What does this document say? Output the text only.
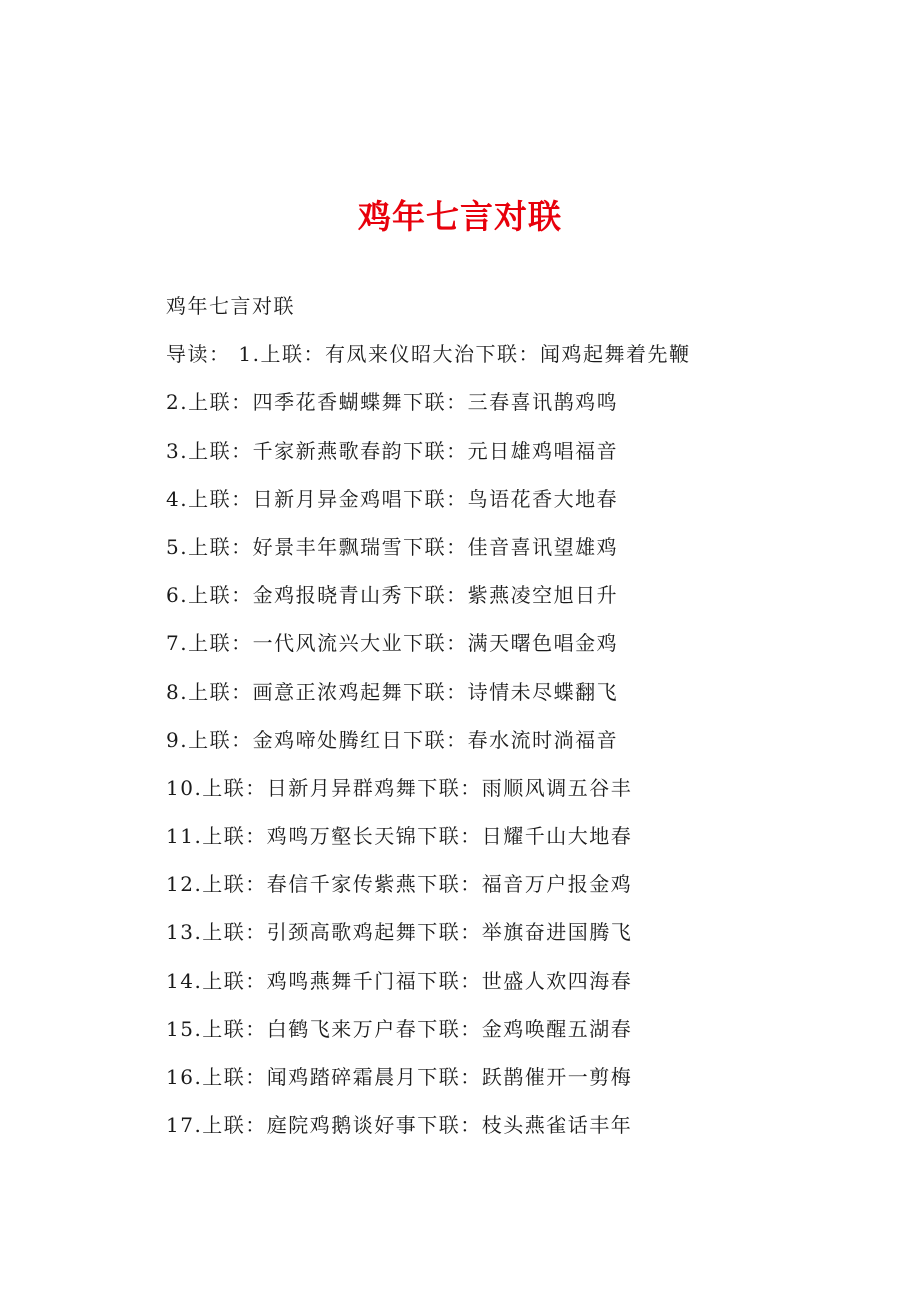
鸡年七言对联
鸡年七言对联
导读： 1.上联：有凤来仪昭大治下联：闻鸡起舞着先鞭
2.上联：四季花香蝴蝶舞下联：三春喜讯鹊鸡鸣
3.上联：千家新燕歌春韵下联：元日雄鸡唱福音
4.上联：日新月异金鸡唱下联：鸟语花香大地春
5.上联：好景丰年飘瑞雪下联：佳音喜讯望雄鸡
6.上联：金鸡报晓青山秀下联：紫燕凌空旭日升
7.上联：一代风流兴大业下联：满天曙色唱金鸡
8.上联：画意正浓鸡起舞下联：诗情未尽蝶翻飞
9.上联：金鸡啼处腾红日下联：春水流时淌福音
10.上联：日新月异群鸡舞下联：雨顺风调五谷丰
11.上联：鸡鸣万壑长天锦下联：日耀千山大地春
12.上联：春信千家传紫燕下联：福音万户报金鸡
13.上联：引颈高歌鸡起舞下联：举旗奋进国腾飞
14.上联：鸡鸣燕舞千门福下联：世盛人欢四海春
15.上联：白鹤飞来万户春下联：金鸡唤醒五湖春
16.上联：闻鸡踏碎霜晨月下联：跃鹊催开一剪梅
17.上联：庭院鸡鹅谈好事下联：枝头燕雀话丰年
